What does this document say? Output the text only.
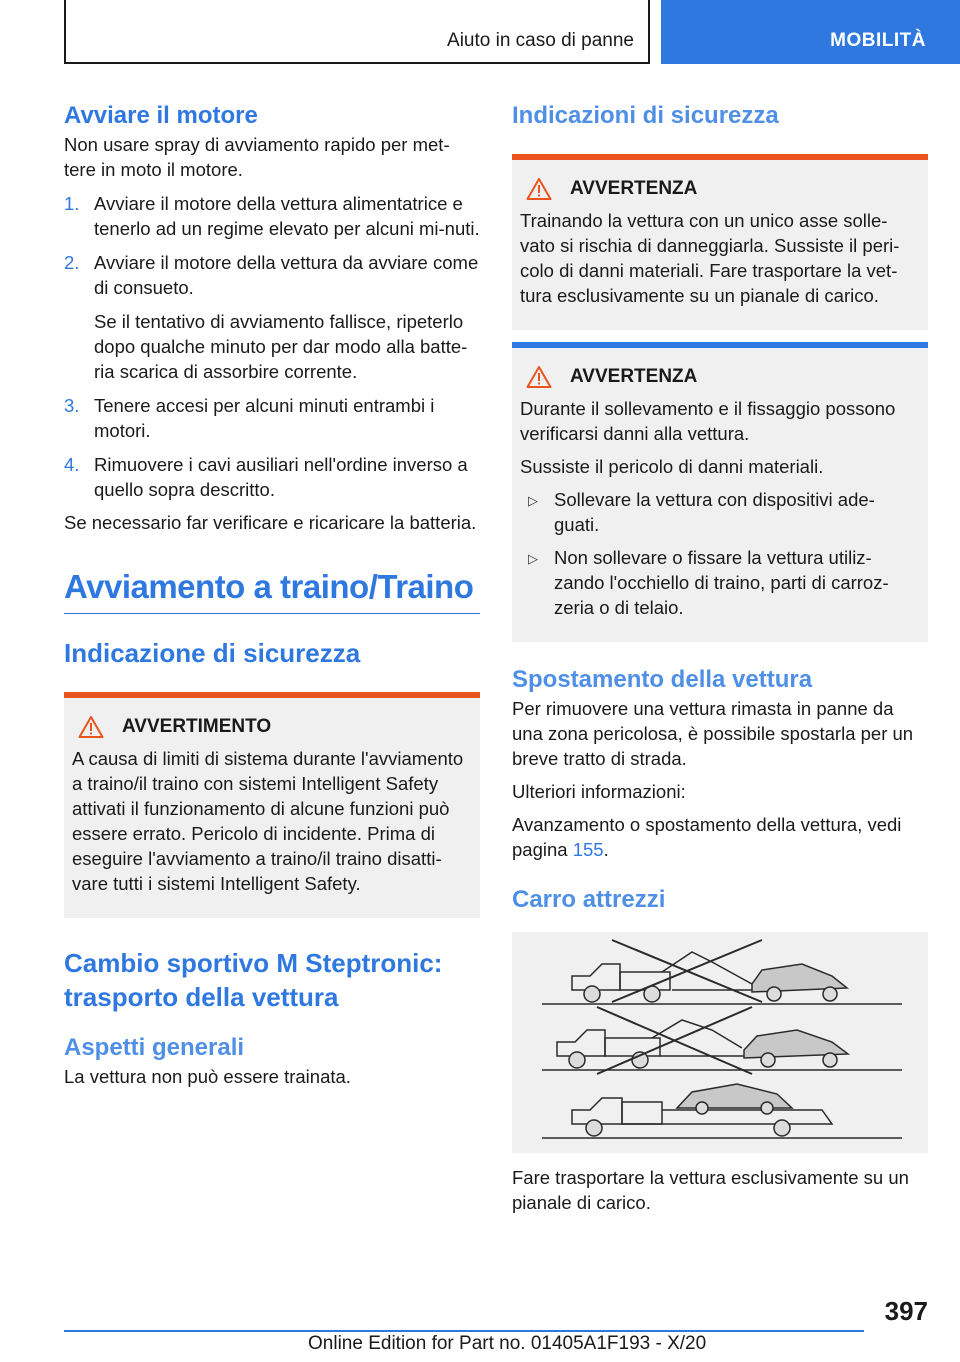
Aiuto in caso di panne	MOBILITÀ
Avviare il motore

Non usare spray di avviamento rapido per met-tere in moto il motore.

1. Avviare il motore della vettura alimentatrice e tenerlo ad un regime elevato per alcuni mi-nuti.
2. Avviare il motore della vettura da avviare come di consueto.
Se il tentativo di avviamento fallisce, ripeterlo dopo qualche minuto per dar modo alla batte-ria scarica di assorbire corrente.
3. Tenere accesi per alcuni minuti entrambi i motori.
4. Rimuovere i cavi ausiliari nell'ordine inverso a quello sopra descritto.

Se necessario far verificare e ricaricare la batteria.

Avviamento a traino/Traino
Indicazione di sicurezza
AVVERTIMENTO

A causa di limiti di sistema durante l'avviamento a traino/il traino con sistemi Intelligent Safety attivati il funzionamento di alcune funzioni può essere errato. Pericolo di incidente. Prima di eseguire l'avviamento a traino/il traino disatti-vare tutti i sistemi Intelligent Safety.

Cambio sportivo M Steptronic: trasporto della vettura
Aspetti generali

La vettura non può essere trainata.

Indicazioni di sicurezza
AVVERTENZA

Trainando la vettura con un unico asse solle-vato si rischia di danneggiarla. Sussiste il peri-colo di danni materiali. Fare trasportare la vet-tura esclusivamente su un pianale di carico.

AVVERTENZA

Durante il sollevamento e il fissaggio possono verificarsi danni alla vettura.

Sussiste il pericolo di danni materiali.

▷ Sollevare la vettura con dispositivi ade-guati.
▷ Non sollevare o fissare la vettura utiliz-zando l'occhiello di traino, parti di carroz-zeria o di telaio.
Spostamento della vettura

Per rimuovere una vettura rimasta in panne da una zona pericolosa, è possibile spostarla per un breve tratto di strada.

Ulteriori informazioni:

Avanzamento o spostamento della vettura, vedi pagina 155.

Carro attrezzi

Fare trasportare la vettura esclusivamente su un pianale di carico.

397
Online Edition for Part no. 01405A1F193 - X/20
